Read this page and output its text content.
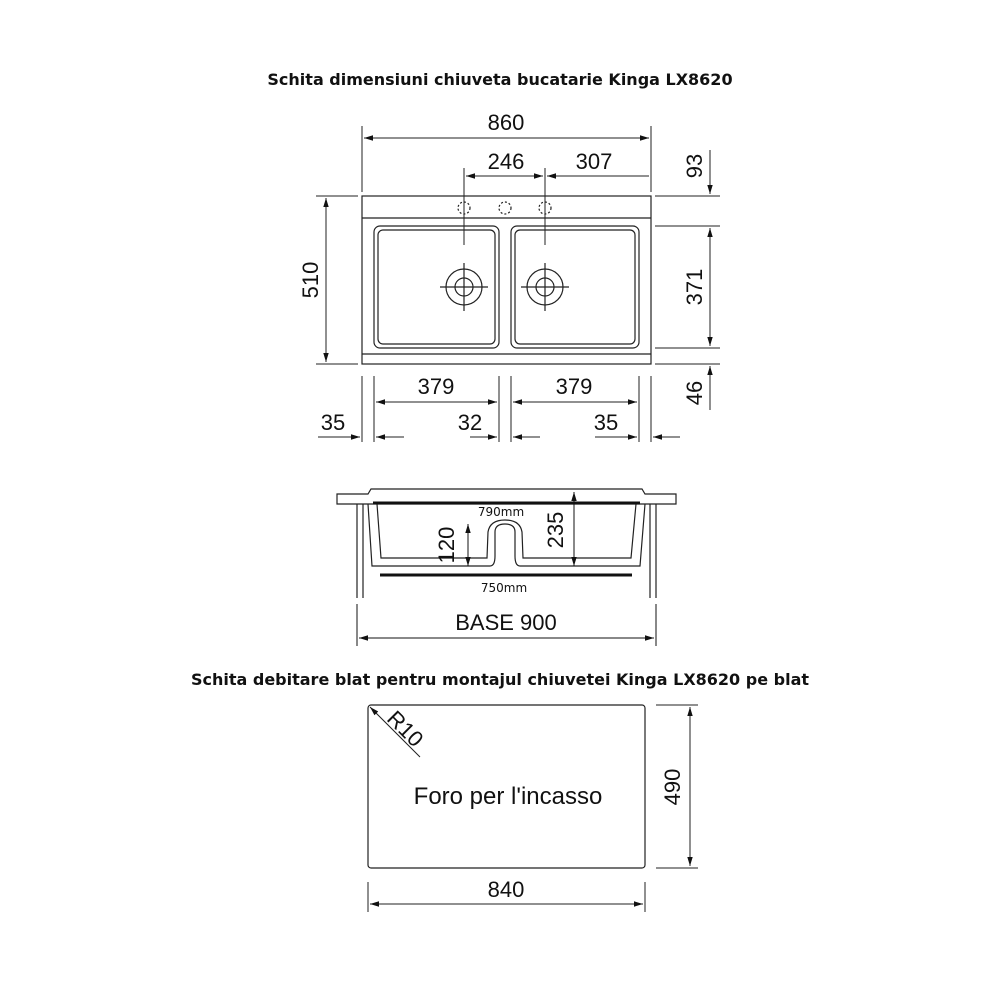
Schita dimensiuni chiuveta bucatarie Kinga LX8620
Schita debitare blat pentru montajul chiuvetei Kinga LX8620 pe blat
860
246 307
510
93
371
46
379	379
35	32	35
790mm
750mm
120	235
BASE 900
R10
Foro per l'incasso	490
840
